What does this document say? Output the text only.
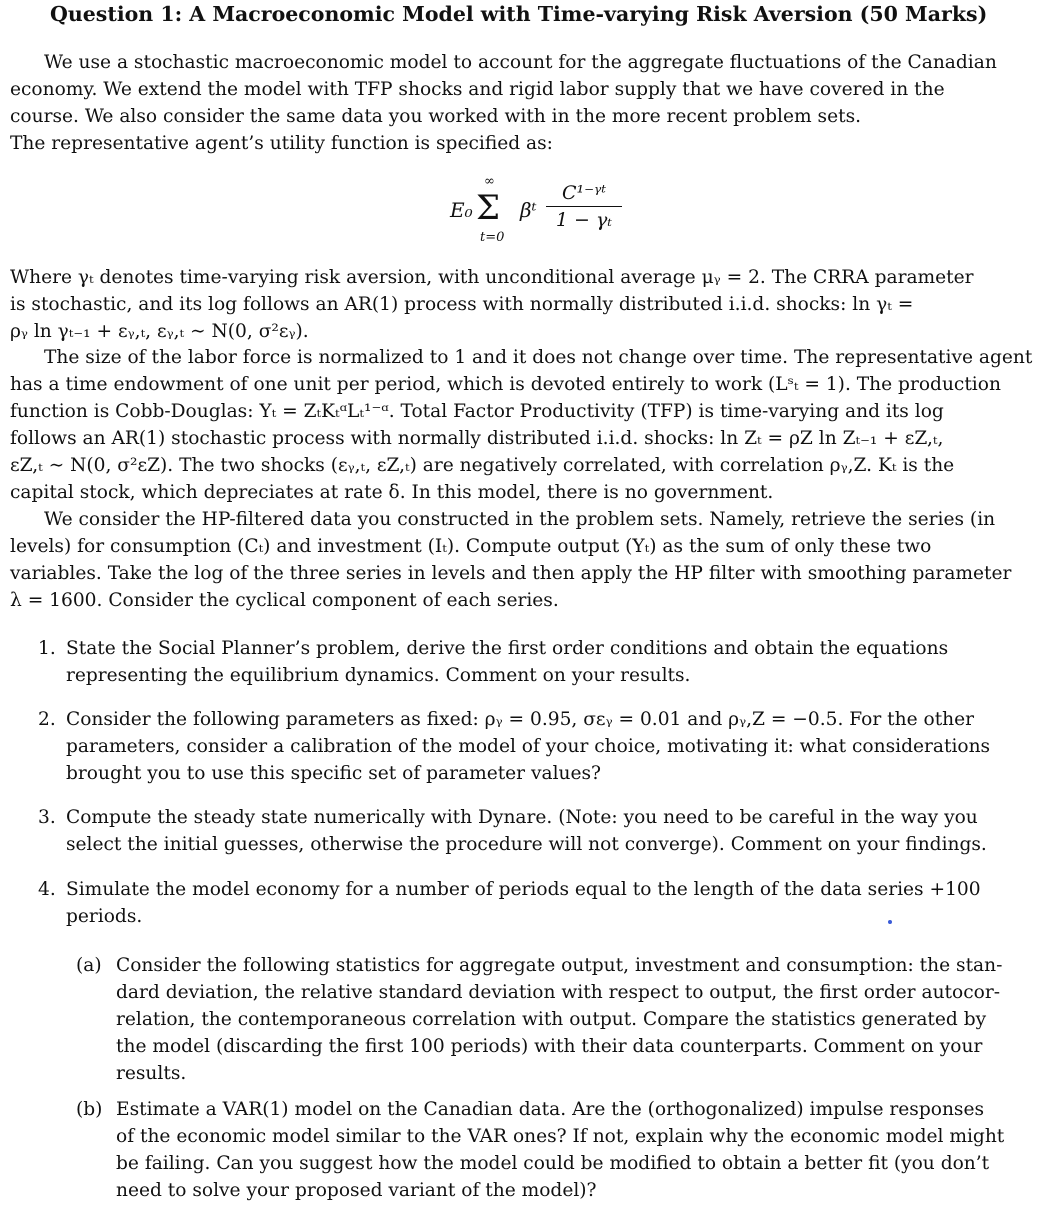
Question 1: A Macroeconomic Model with Time-varying Risk Aversion (50 Marks)
We use a stochastic macroeconomic model to account for the aggregate fluctuations of the Canadian
economy. We extend the model with TFP shocks and rigid labor supply that we have covered in the
course. We also consider the same data you worked with in the more recent problem sets.
The representative agent’s utility function is specified as:
E₀
∞
Σ
t=0
βᵗ $\frac{\text{C¹⁻ᵞᵗ}}{\text{1 − γₜ}}$
Where γₜ denotes time-varying risk aversion, with unconditional average μᵧ = 2. The CRRA parameter
is stochastic, and its log follows an AR(1) process with normally distributed i.i.d. shocks: ln γₜ =
ρᵧ ln γₜ₋₁ + εᵧ,ₜ, εᵧ,ₜ ∼ N(0, σ²εᵧ).
The size of the labor force is normalized to 1 and it does not change over time. The representative agent
has a time endowment of one unit per period, which is devoted entirely to work (Lˢₜ = 1). The production
function is Cobb-Douglas: Yₜ = ZₜKₜᵅLₜ¹⁻ᵅ. Total Factor Productivity (TFP) is time-varying and its log
follows an AR(1) stochastic process with normally distributed i.i.d. shocks: ln Zₜ = ρZ ln Zₜ₋₁ + εZ,ₜ,
εZ,ₜ ∼ N(0, σ²εZ). The two shocks (εᵧ,ₜ, εZ,ₜ) are negatively correlated, with correlation ρᵧ,Z. Kₜ is the
capital stock, which depreciates at rate δ. In this model, there is no government.
We consider the HP-filtered data you constructed in the problem sets. Namely, retrieve the series (in
levels) for consumption (Cₜ) and investment (Iₜ). Compute output (Yₜ) as the sum of only these two
variables. Take the log of the three series in levels and then apply the HP filter with smoothing parameter
λ = 1600. Consider the cyclical component of each series.
1. State the Social Planner’s problem, derive the first order conditions and obtain the equations
representing the equilibrium dynamics. Comment on your results.
2. Consider the following parameters as fixed: ρᵧ = 0.95, σεᵧ = 0.01 and ρᵧ,Z = −0.5. For the other
parameters, consider a calibration of the model of your choice, motivating it: what considerations
brought you to use this specific set of parameter values?
3. Compute the steady state numerically with Dynare. (Note: you need to be careful in the way you
select the initial guesses, otherwise the procedure will not converge). Comment on your findings.
4. Simulate the model economy for a number of periods equal to the length of the data series +100
periods.
(a) Consider the following statistics for aggregate output, investment and consumption: the stan-
dard deviation, the relative standard deviation with respect to output, the first order autocor-
relation, the contemporaneous correlation with output. Compare the statistics generated by
the model (discarding the first 100 periods) with their data counterparts. Comment on your
results.
(b) Estimate a VAR(1) model on the Canadian data. Are the (orthogonalized) impulse responses
of the economic model similar to the VAR ones? If not, explain why the economic model might
be failing. Can you suggest how the model could be modified to obtain a better fit (you don’t
need to solve your proposed variant of the model)?
